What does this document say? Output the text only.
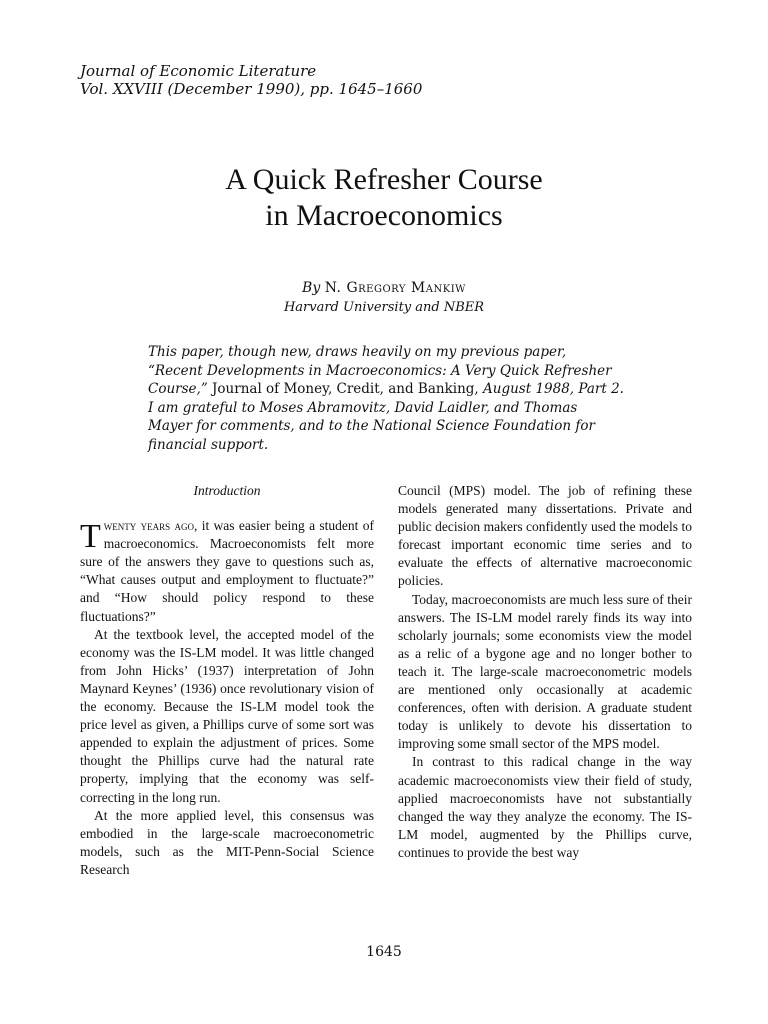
Journal of Economic Literature
Vol. XXVIII (December 1990), pp. 1645–1660
A Quick Refresher Course
in Macroeconomics
By N. Gregory Mankiw
Harvard University and NBER
This paper, though new, draws heavily on my previous paper, “Recent Developments in Macroeconomics: A Very Quick Refresher Course,” Journal of Money, Credit, and Banking, August 1988, Part 2. I am grateful to Moses Abramovitz, David Laidler, and Thomas Mayer for comments, and to the National Science Foundation for financial support.
Introduction

Twenty years ago, it was easier being a student of macroeconomics. Macroeconomists felt more sure of the answers they gave to questions such as, “What causes output and employment to fluctuate?” and “How should policy respond to these fluctuations?”

At the textbook level, the accepted model of the economy was the IS-LM model. It was little changed from John Hicks’ (1937) interpretation of John Maynard Keynes’ (1936) once revolutionary vision of the economy. Because the IS-LM model took the price level as given, a Phillips curve of some sort was appended to explain the adjustment of prices. Some thought the Phillips curve had the natural rate property, implying that the economy was self-correcting in the long run.

At the more applied level, this consensus was embodied in the large-scale macroeconometric models, such as the MIT-Penn-Social Science Research

Council (MPS) model. The job of refining these models generated many dissertations. Private and public decision makers confidently used the models to forecast important economic time series and to evaluate the effects of alternative macroeconomic policies.

Today, macroeconomists are much less sure of their answers. The IS-LM model rarely finds its way into scholarly journals; some economists view the model as a relic of a bygone age and no longer bother to teach it. The large-scale macroeconometric models are mentioned only occasionally at academic conferences, often with derision. A graduate student today is unlikely to devote his dissertation to improving some small sector of the MPS model.

In contrast to this radical change in the way academic macroeconomists view their field of study, applied macroeconomists have not substantially changed the way they analyze the economy. The IS-LM model, augmented by the Phillips curve, continues to provide the best way

1645
